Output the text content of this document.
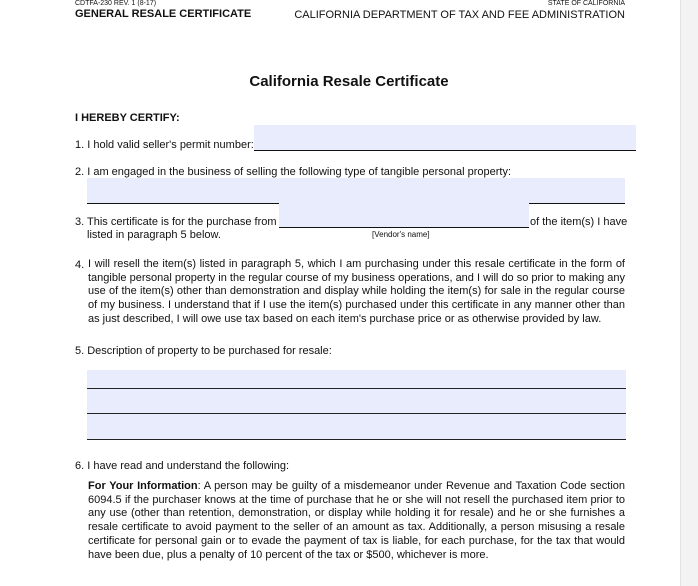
CDTFA-230 REV. 1 (8-17)
GENERAL RESALE CERTIFICATE
STATE OF CALIFORNIA
CALIFORNIA DEPARTMENT OF TAX AND FEE ADMINISTRATION
California Resale Certificate
I HEREBY CERTIFY:
1. I hold valid seller's permit number:
2. I am engaged in the business of selling the following type of tangible personal property:
3. This certificate is for the purchase from	of the item(s) I have
listed in paragraph 5 below.	[Vendor's name]
4. I will resell the item(s) listed in paragraph 5, which I am purchasing under this resale certificate in the form of tangible personal property in the regular course of my business operations, and I will do so prior to making any use of the item(s) other than demonstration and display while holding the item(s) for sale in the regular course of my business. I understand that if I use the item(s) purchased under this certificate in any manner other than as just described, I will owe use tax based on each item's purchase price or as otherwise provided by law.
5. Description of property to be purchased for resale:
6. I have read and understand the following:
For Your Information: A person may be guilty of a misdemeanor under Revenue and Taxation Code section 6094.5 if the purchaser knows at the time of purchase that he or she will not resell the purchased item prior to any use (other than retention, demonstration, or display while holding it for resale) and he or she furnishes a resale certificate to avoid payment to the seller of an amount as tax. Additionally, a person misusing a resale certificate for personal gain or to evade the payment of tax is liable, for each purchase, for the tax that would have been due, plus a penalty of 10 percent of the tax or $500, whichever is more.
